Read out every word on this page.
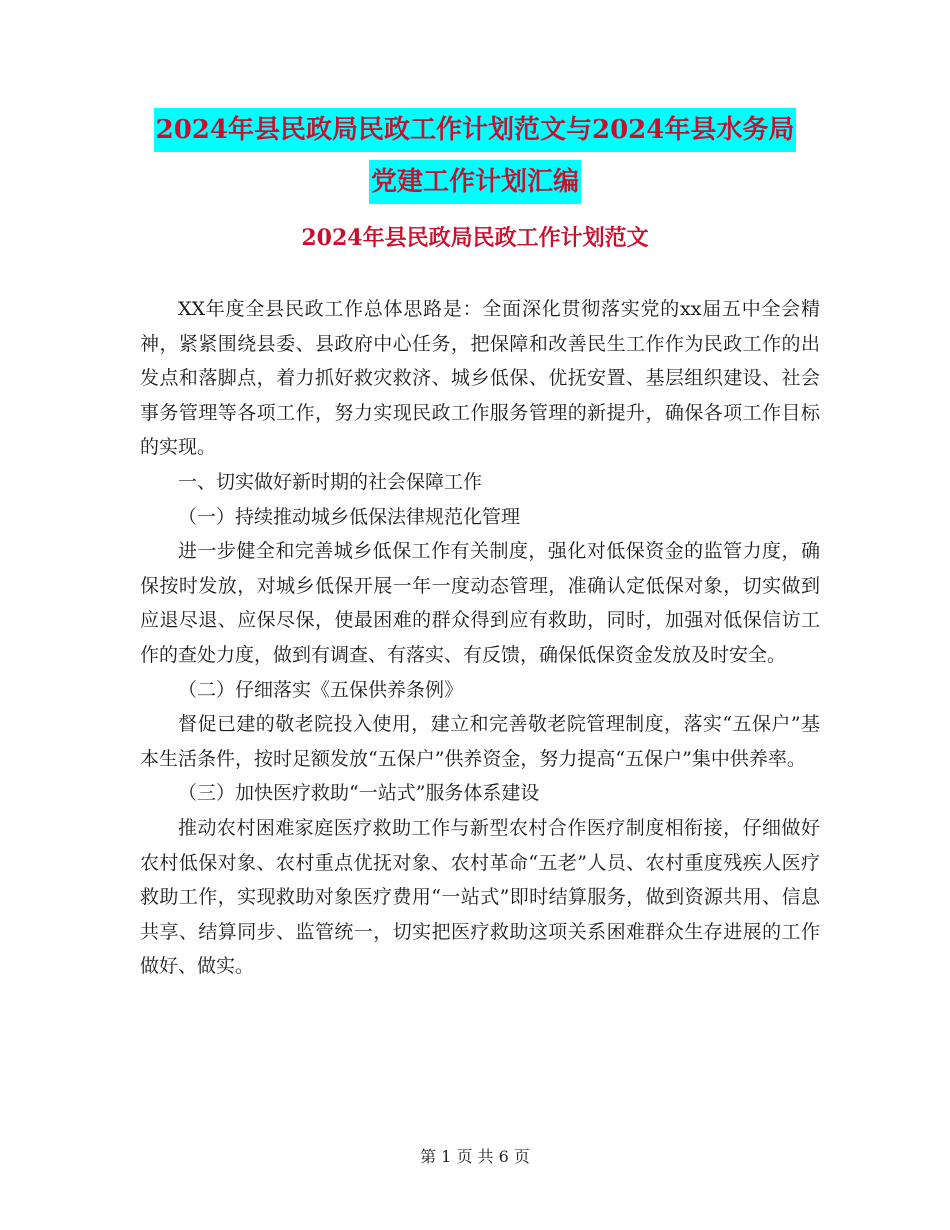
2024年县民政局民政工作计划范文与2024年县水务局
党建工作计划汇编
2024年县民政局民政工作计划范文

XX年度全县民政工作总体思路是：全面深化贯彻落实党的xx届五中全会精神，紧紧围绕县委、县政府中心任务，把保障和改善民生工作作为民政工作的出发点和落脚点，着力抓好救灾救济、城乡低保、优抚安置、基层组织建设、社会事务管理等各项工作，努力实现民政工作服务管理的新提升，确保各项工作目标的实现。

一、切实做好新时期的社会保障工作

（一）持续推动城乡低保法律规范化管理

进一步健全和完善城乡低保工作有关制度，强化对低保资金的监管力度，确保按时发放，对城乡低保开展一年一度动态管理，准确认定低保对象，切实做到应退尽退、应保尽保，使最困难的群众得到应有救助，同时，加强对低保信访工作的查处力度，做到有调查、有落实、有反馈，确保低保资金发放及时安全。

（二）仔细落实《五保供养条例》

督促已建的敬老院投入使用，建立和完善敬老院管理制度，落实“五保户”基本生活条件，按时足额发放“五保户”供养资金，努力提高“五保户”集中供养率。

（三）加快医疗救助“一站式”服务体系建设

推动农村困难家庭医疗救助工作与新型农村合作医疗制度相衔接，仔细做好农村低保对象、农村重点优抚对象、农村革命“五老”人员、农村重度残疾人医疗救助工作，实现救助对象医疗费用“一站式”即时结算服务，做到资源共用、信息共享、结算同步、监管统一，切实把医疗救助这项关系困难群众生存进展的工作做好、做实。

第 1 页 共 6 页
